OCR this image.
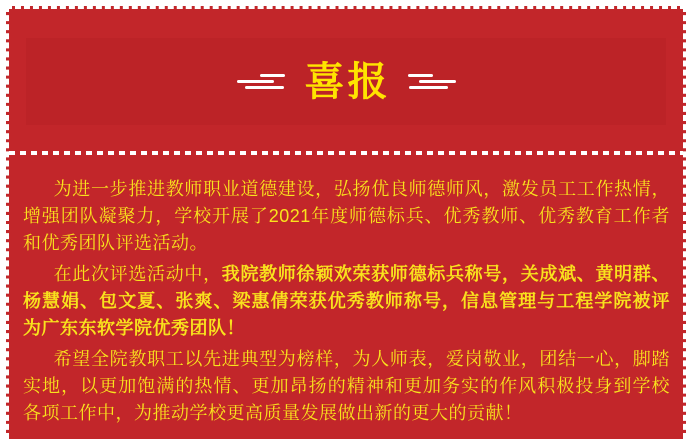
喜报

为进一步推进教师职业道德建设，弘扬优良师德师风，激发员工工作热情，增强团队凝聚力，学校开展了2021年度师德标兵、优秀教师、优秀教育工作者和优秀团队评选活动。

在此次评选活动中，我院教师徐颖欢荣获师德标兵称号，关成斌、黄明群、杨慧娟、包文夏、张爽、梁惠倩荣获优秀教师称号，信息管理与工程学院被评为广东东软学院优秀团队！

希望全院教职工以先进典型为榜样，为人师表，爱岗敬业，团结一心，脚踏实地，以更加饱满的热情、更加昂扬的精神和更加务实的作风积极投身到学校各项工作中，为推动学校更高质量发展做出新的更大的贡献！
